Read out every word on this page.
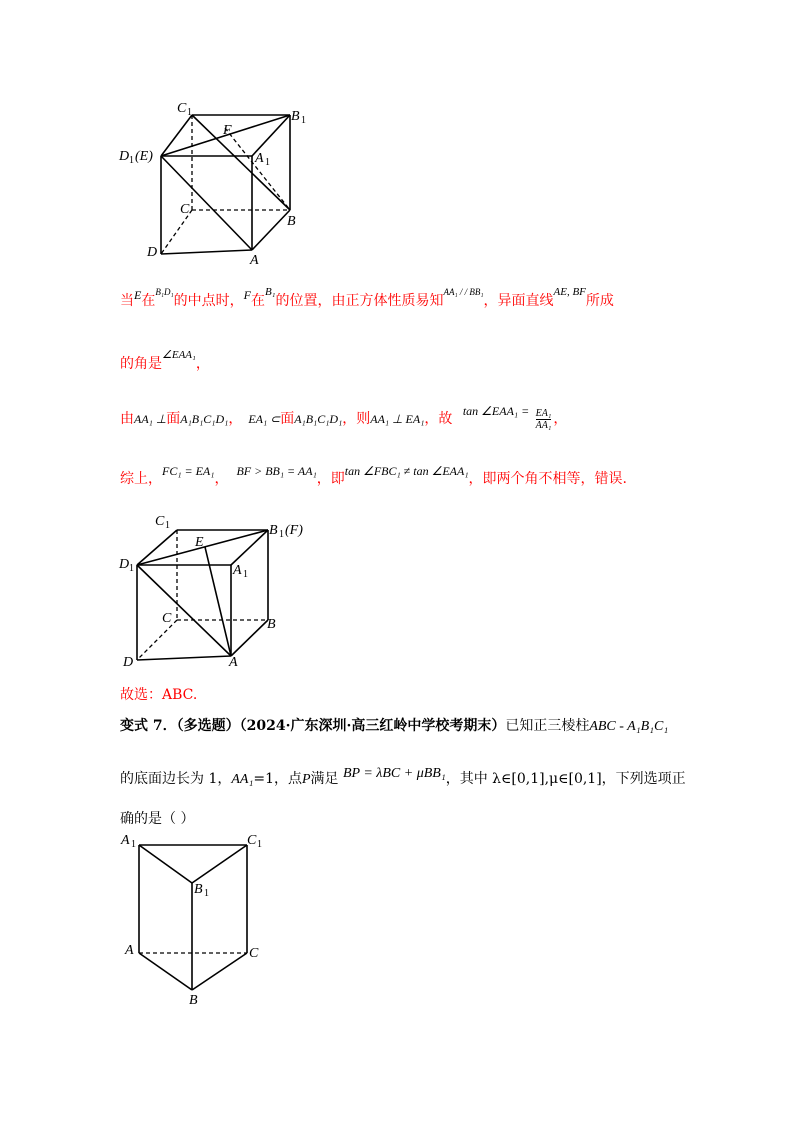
C 1	B 1
F
D 1 (E)	A 1
C
B
D
A
当E在$^{B_1D_1}$的中点时，F在$^{B_1}$的位置，由正方体性质易知$^{AA_1 / / BB_1}$，异面直线$^{AE, BF}$所成
的角是$^{\angle EAA_1}$，
由AA₁ ⊥面A₁B₁C₁D₁， EA₁ ⊂面A₁B₁C₁D₁，则AA₁ ⊥ EA₁，故 tan ∠EAA₁ = $\frac{\text{EA₁}}{\text{AA₁}}$ ，
综上，FC₁ = EA₁， BF > BB₁ = AA₁，即tan ∠FBC₁ ≠ tan ∠EAA₁，即两个角不相等，错误.
C 1	B 1 (F)
E
D 1	A 1
C	B
D	A
故选：ABC.
变式 7．（多选题）（2024·广东深圳·高三红岭中学校考期末）已知正三棱柱ABC - A₁B₁C₁
的底面边长为 1，AA₁=1，点P满足 BP = λBC + μBB₁，其中 λ∈[0,1],μ∈[0,1]，下列选项正
确的是（ ）
A 1	C 1
B 1
A	C
B
